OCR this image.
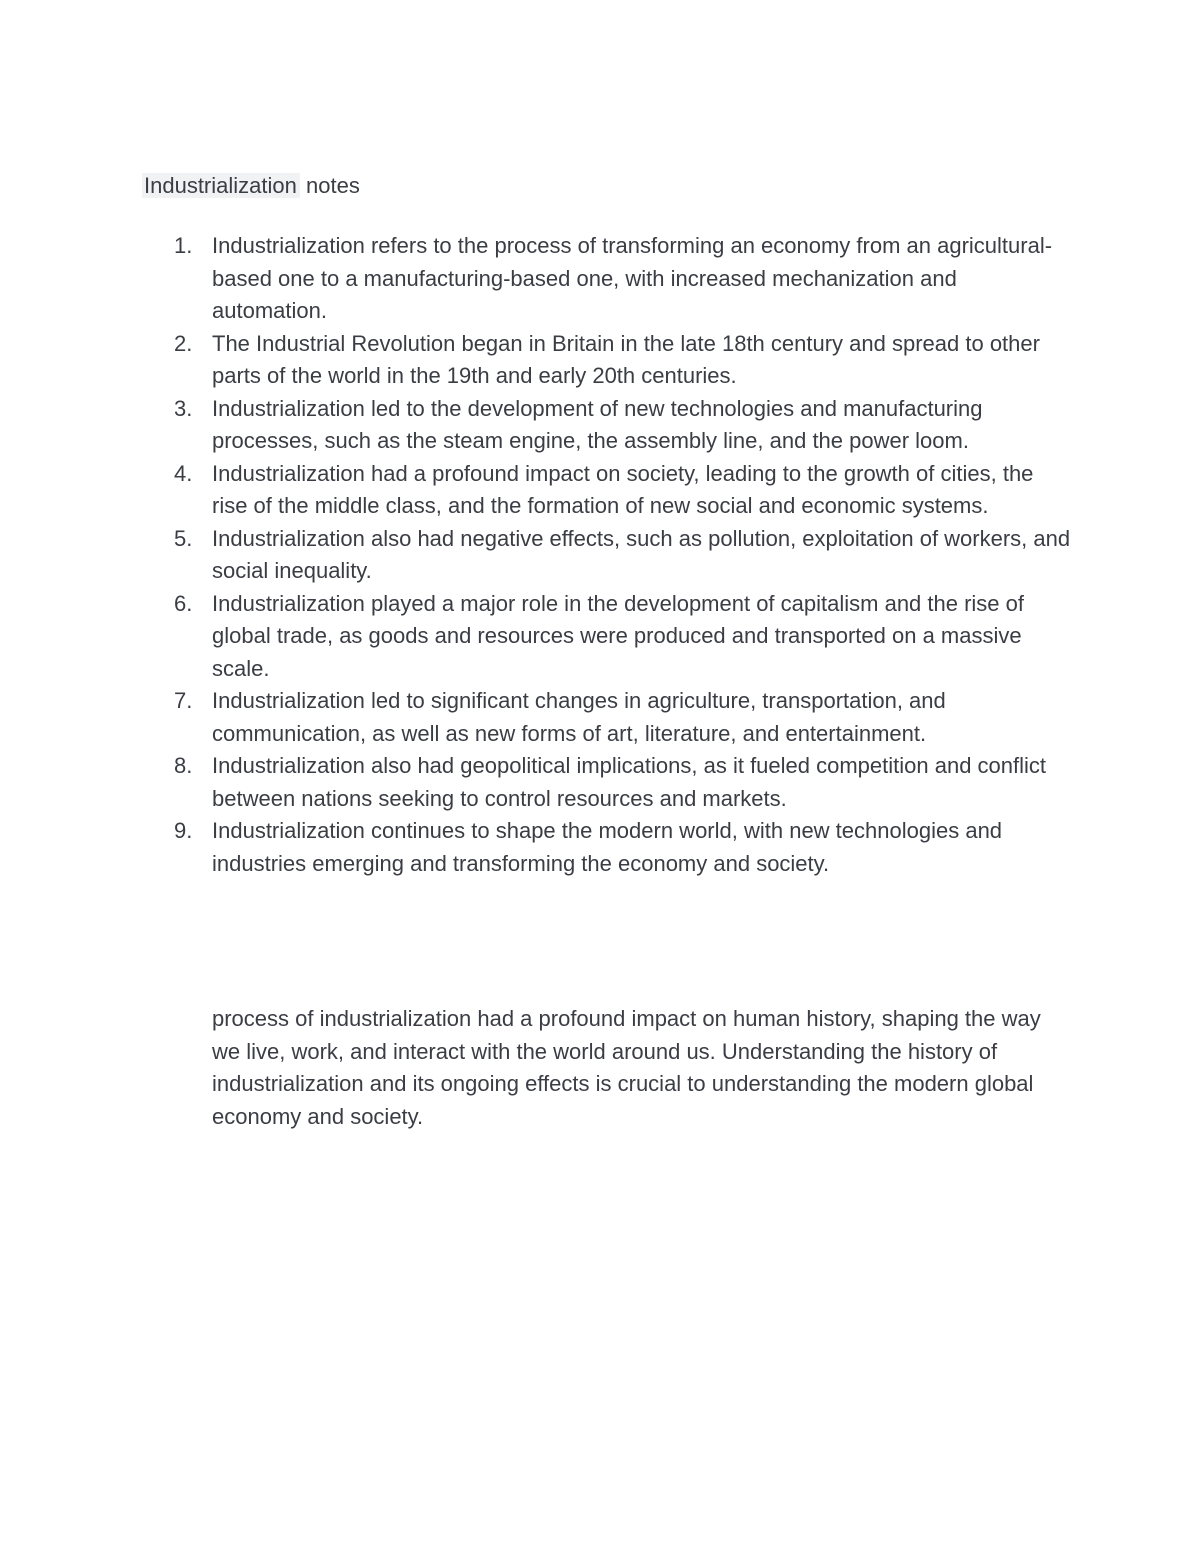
Industrialization notes
1. Industrialization refers to the process of transforming an economy from an agricultural-based one to a manufacturing-based one, with increased mechanization and automation.
2. The Industrial Revolution began in Britain in the late 18th century and spread to other parts of the world in the 19th and early 20th centuries.
3. Industrialization led to the development of new technologies and manufacturing processes, such as the steam engine, the assembly line, and the power loom.
4. Industrialization had a profound impact on society, leading to the growth of cities, the rise of the middle class, and the formation of new social and economic systems.
5. Industrialization also had negative effects, such as pollution, exploitation of workers, and social inequality.
6. Industrialization played a major role in the development of capitalism and the rise of global trade, as goods and resources were produced and transported on a massive scale.
7. Industrialization led to significant changes in agriculture, transportation, and communication, as well as new forms of art, literature, and entertainment.
8. Industrialization also had geopolitical implications, as it fueled competition and conflict between nations seeking to control resources and markets.
9. Industrialization continues to shape the modern world, with new technologies and industries emerging and transforming the economy and society.

process of industrialization had a profound impact on human history, shaping the way we live, work, and interact with the world around us. Understanding the history of industrialization and its ongoing effects is crucial to understanding the modern global economy and society.
